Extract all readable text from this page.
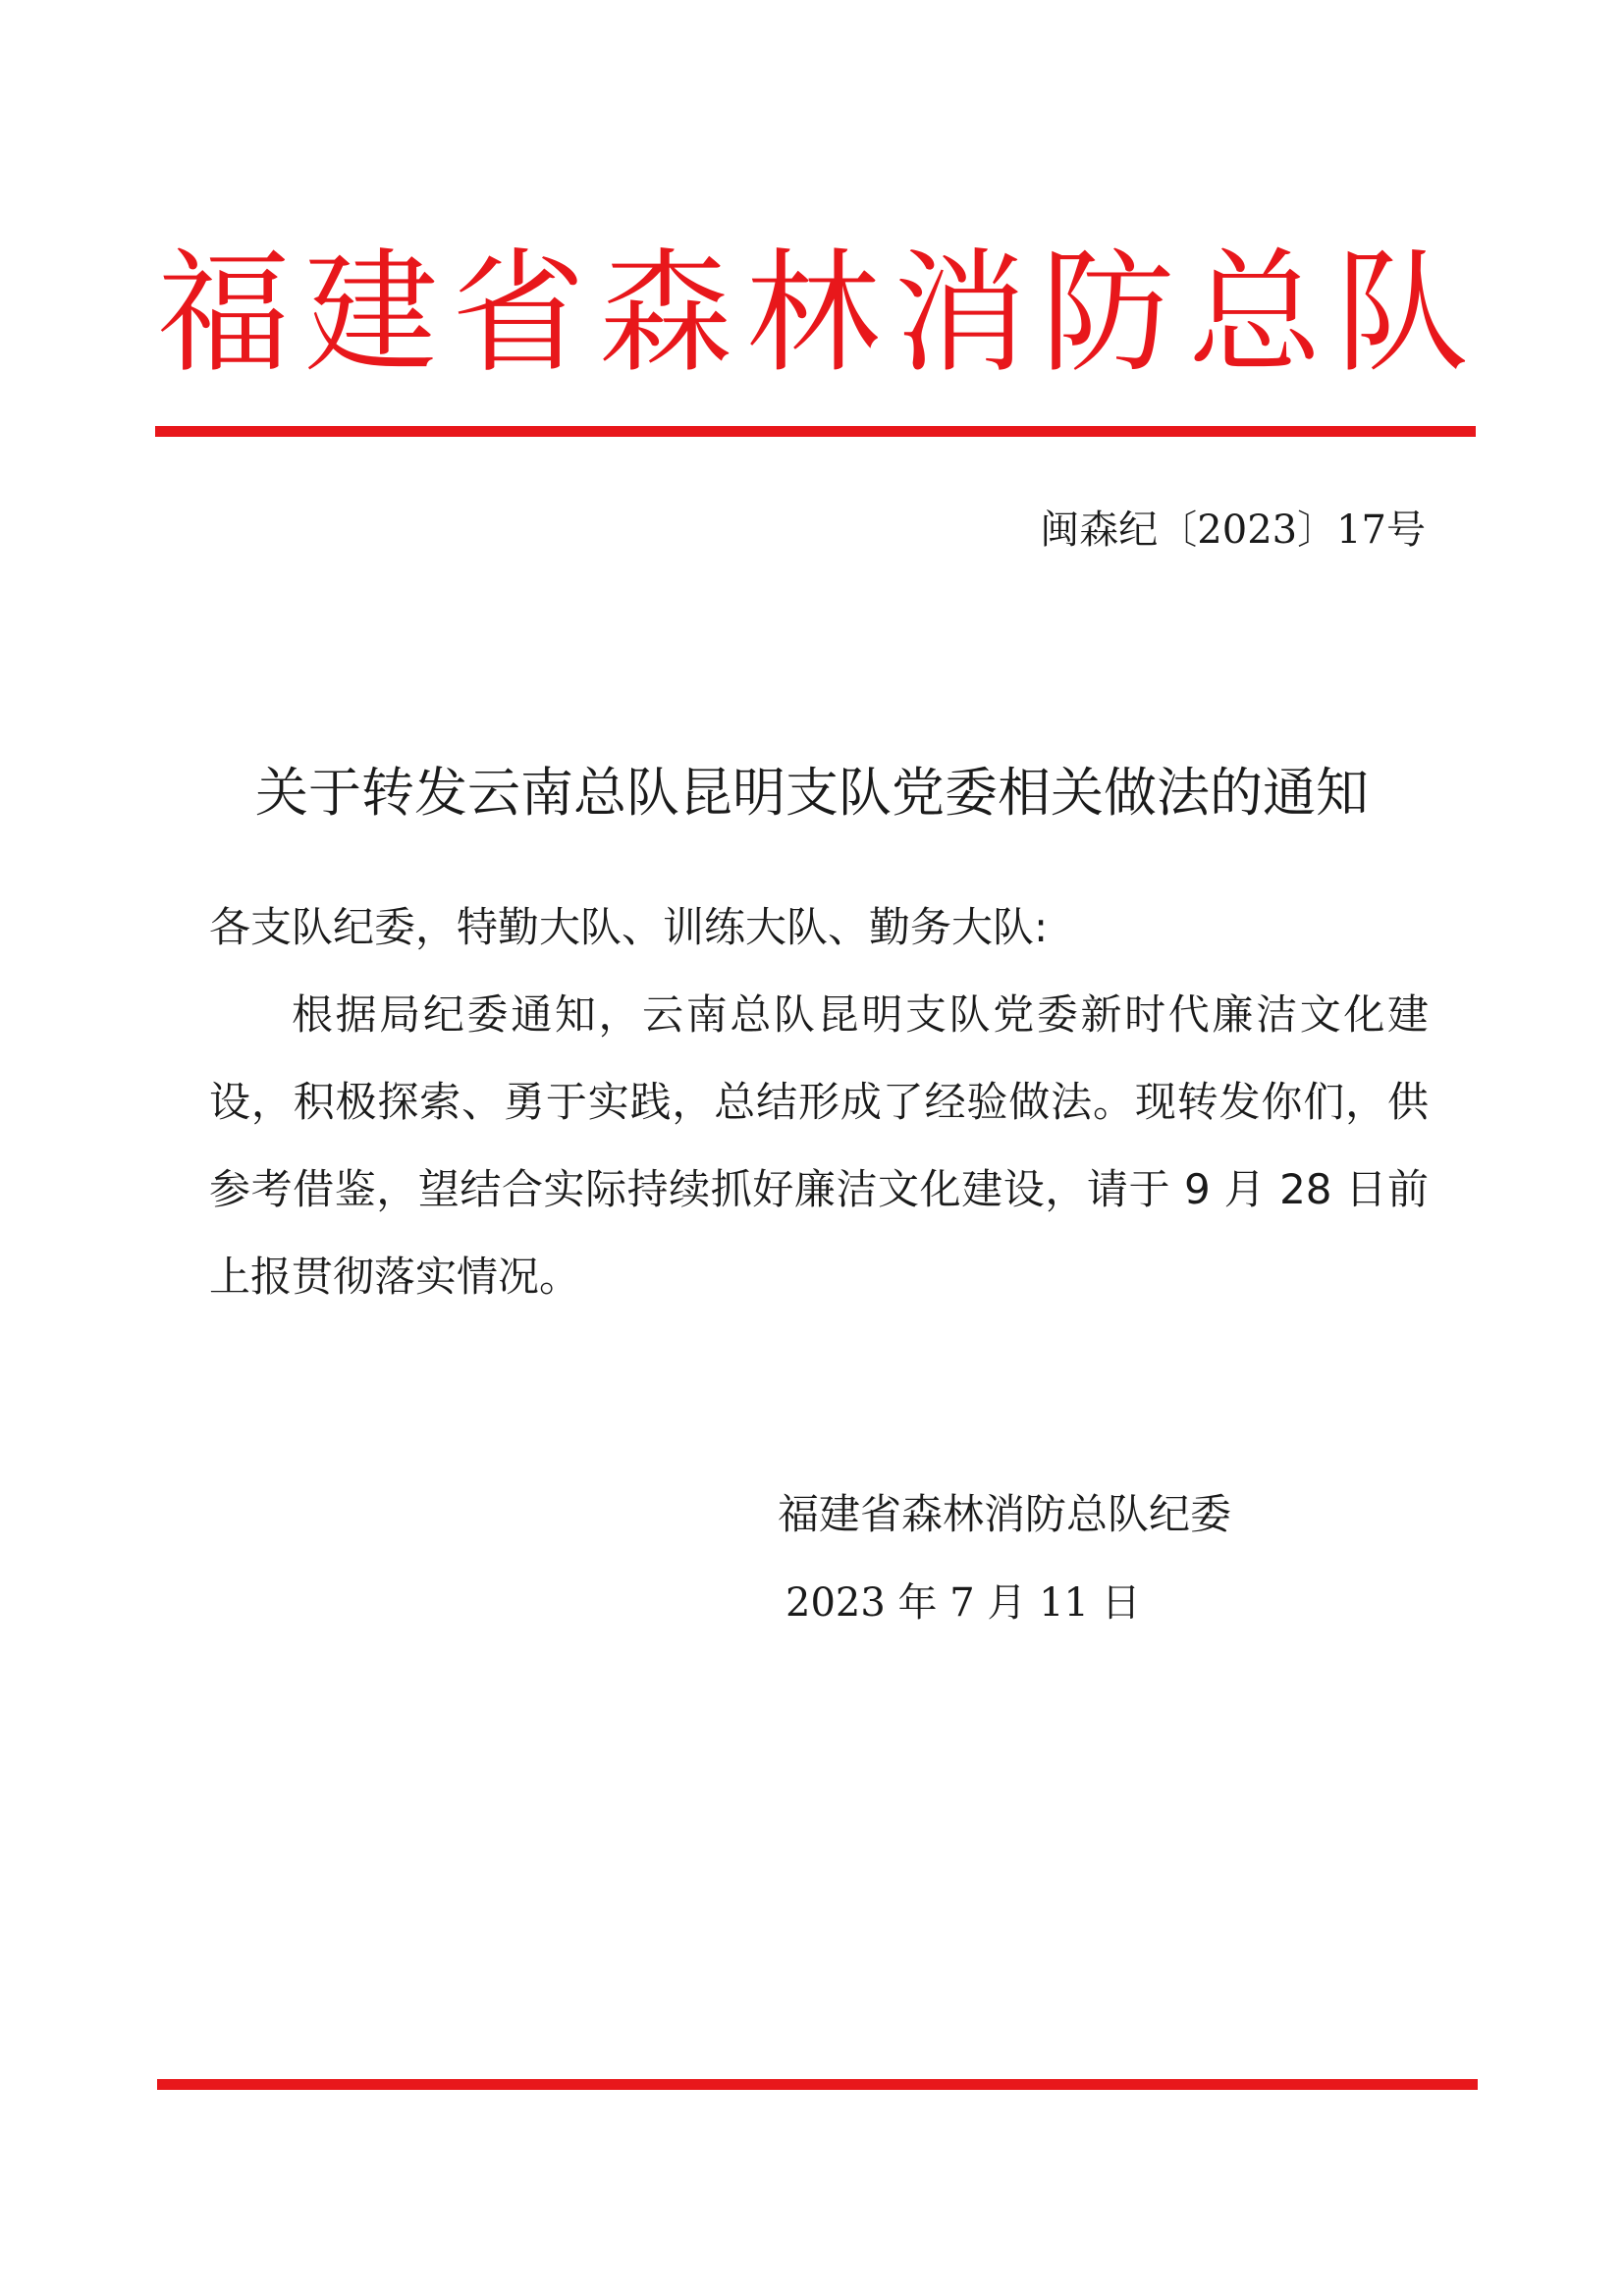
福建省森林消防总队
闽森纪〔2023〕17号
关于转发云南总队昆明支队党委相关做法的通知

各支队纪委，特勤大队、训练大队、勤务大队:

根据局纪委通知，云南总队昆明支队党委新时代廉洁文化建设，积极探索、勇于实践，总结形成了经验做法。现转发你们，供参考借鉴，望结合实际持续抓好廉洁文化建设，请于 9 月 28 日前上报贯彻落实情况。

福建省森林消防总队纪委
2023 年 7 月 11 日
